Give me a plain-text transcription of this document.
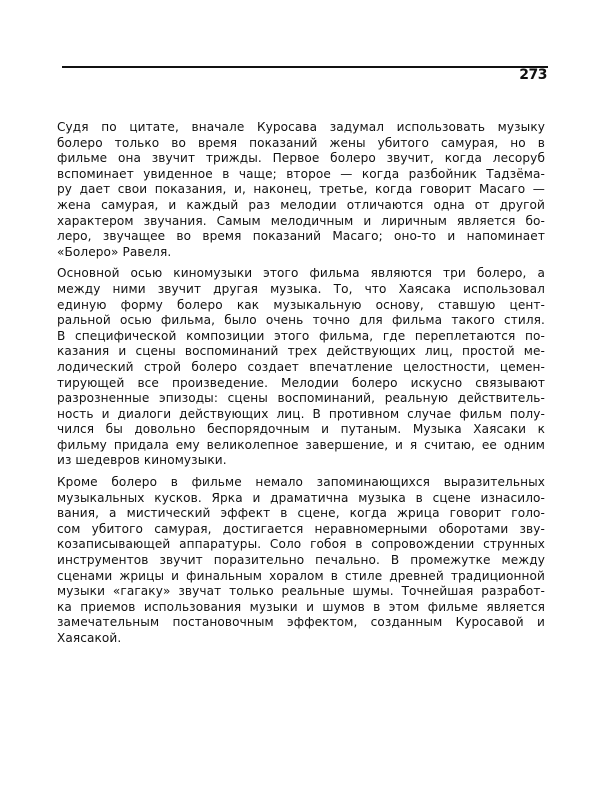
273

Судя по цитате, вначале Куросава задумал использовать музыку
болеро только во время показаний жены убитого самурая, но в
фильме она звучит трижды. Первое болеро звучит, когда лесоруб
вспоминает увиденное в чаще; второе — когда разбойник Тадзёма-
ру дает свои показания, и, наконец, третье, когда говорит Масаго —
жена самурая, и каждый раз мелодии отличаются одна от другой
характером звучания. Самым мелодичным и лиричным является бо-
леро, звучащее во время показаний Масаго; оно-то и напоминает
«Болеро» Равеля.

Основной осью киномузыки этого фильма являются три болеро, а
между ними звучит другая музыка. То, что Хаясака использовал
единую форму болеро как музыкальную основу, ставшую цент-
ральной осью фильма, было очень точно для фильма такого стиля.
В специфической композиции этого фильма, где переплетаются по-
казания и сцены воспоминаний трех действующих лиц, простой ме-
лодический строй болеро создает впечатление целостности, цемен-
тирующей все произведение. Мелодии болеро искусно связывают
разрозненные эпизоды: сцены воспоминаний, реальную действитель-
ность и диалоги действующих лиц. В противном случае фильм полу-
чился бы довольно беспорядочным и путаным. Музыка Хаясаки к
фильму придала ему великолепное завершение, и я считаю, ее одним
из шедевров киномузыки.

Кроме болеро в фильме немало запоминающихся выразительных
музыкальных кусков. Ярка и драматична музыка в сцене изнасило-
вания, а мистический эффект в сцене, когда жрица говорит голо-
сом убитого самурая, достигается неравномерными оборотами зву-
козаписывающей аппаратуры. Соло гобоя в сопровождении струнных
инструментов звучит поразительно печально. В промежутке между
сценами жрицы и финальным хоралом в стиле древней традиционной
музыки «гагаку» звучат только реальные шумы. Точнейшая разработ-
ка приемов использования музыки и шумов в этом фильме является
замечательным постановочным эффектом, созданным Куросавой и
Хаясакой.
